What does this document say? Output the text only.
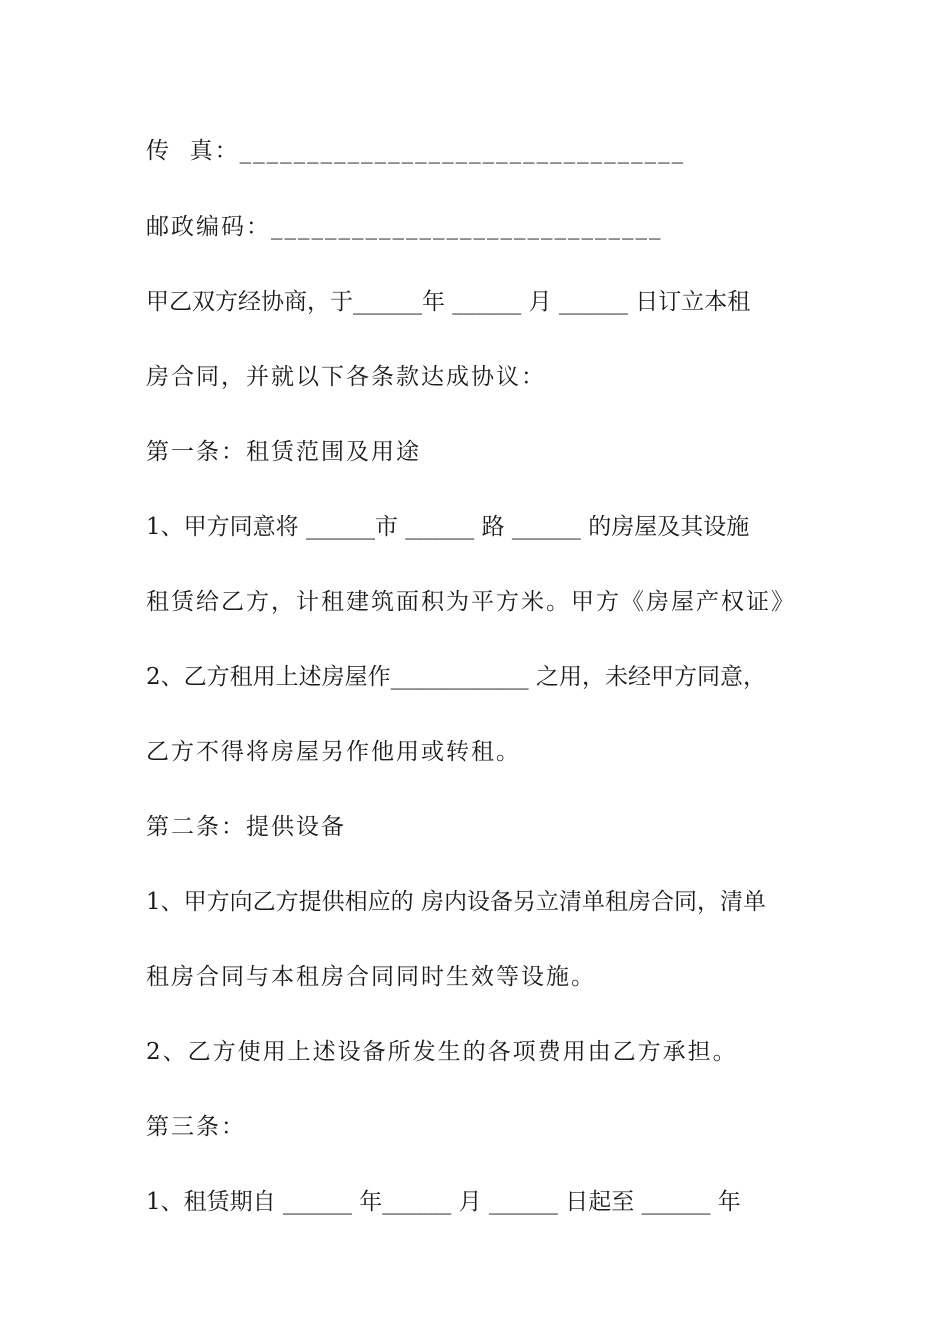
传  真：_________________________________
邮政编码：_____________________________
甲乙双方经协商，于______年 ______ 月 ______ 日订立本租
房合同，并就以下各条款达成协议：
第一条：租赁范围及用途
1、甲方同意将 ______市 ______ 路 ______ 的房屋及其设施
租赁给乙方，计租建筑面积为平方米。甲方《房屋产权证》
2、乙方租用上述房屋作____________ 之用，未经甲方同意，
乙方不得将房屋另作他用或转租。
第二条：提供设备
1、甲方向乙方提供相应的 房内设备另立清单租房合同，清单
租房合同与本租房合同同时生效等设施。
2、乙方使用上述设备所发生的各项费用由乙方承担。
第三条：
1、租赁期自 ______ 年______ 月 ______ 日起至 ______ 年
